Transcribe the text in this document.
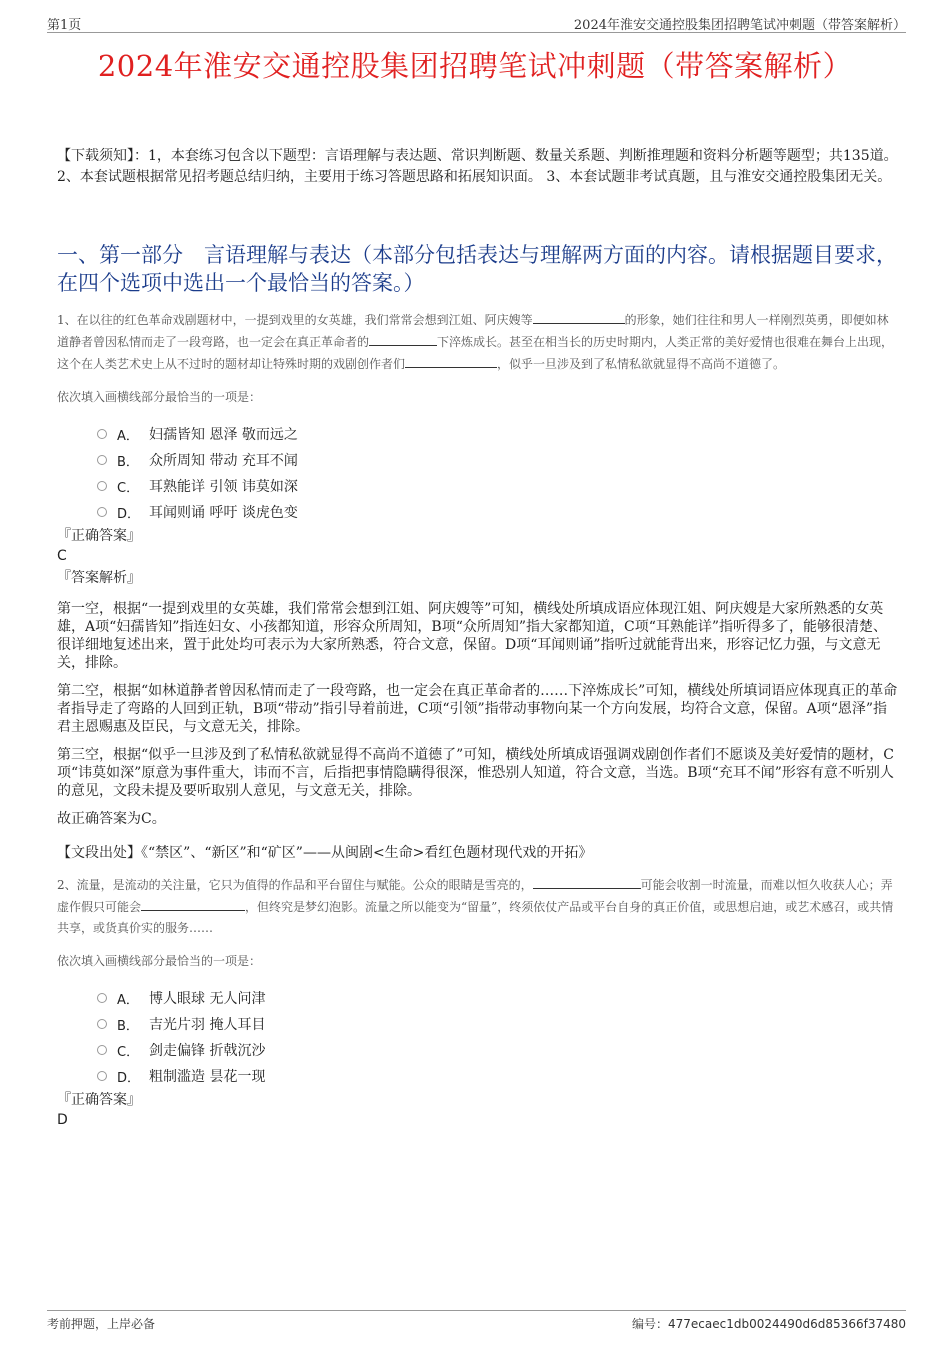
第1页	2024年淮安交通控股集团招聘笔试冲刺题（带答案解析）
2024年淮安交通控股集团招聘笔试冲刺题（带答案解析）

【下载须知】：1，本套练习包含以下题型：言语理解与表达题、常识判断题、数量关系题、判断推理题和资料分析题等题型；共135道。 2、本套试题根据常见招考题总结归纳，主要用于练习答题思路和拓展知识面。 3、本套试题非考试真题，且与淮安交通控股集团无关。

一、第一部分　言语理解与表达（本部分包括表达与理解两方面的内容。请根据题目要求，在四个选项中选出一个最恰当的答案。）

1、在以往的红色革命戏剧题材中，一提到戏里的女英雄，我们常常会想到江姐、阿庆嫂等	的形象，她们往往和男人一样刚烈英勇，即便如林道静者曾因私情而走了一段弯路，也一定会在真正革命者的	下淬炼成长。甚至在相当长的历史时期内，人类正常的美好爱情也很难在舞台上出现，这个在人类艺术史上从不过时的题材却让特殊时期的戏剧创作者们	，似乎一旦涉及到了私情私欲就显得不高尚不道德了。

依次填入画横线部分最恰当的一项是：

A． 妇孺皆知 恩泽 敬而远之
B． 众所周知 带动 充耳不闻
C． 耳熟能详 引领 讳莫如深
D． 耳闻则诵 呼吁 谈虎色变

『正确答案』

C

『答案解析』

第一空，根据“一提到戏里的女英雄，我们常常会想到江姐、阿庆嫂等”可知，横线处所填成语应体现江姐、阿庆嫂是大家所熟悉的女英雄，A项“妇孺皆知”指连妇女、小孩都知道，形容众所周知，B项“众所周知”指大家都知道，C项“耳熟能详”指听得多了，能够很清楚、很详细地复述出来，置于此处均可表示为大家所熟悉，符合文意，保留。D项“耳闻则诵”指听过就能背出来，形容记忆力强，与文意无关，排除。

第二空，根据“如林道静者曾因私情而走了一段弯路，也一定会在真正革命者的……下淬炼成长”可知，横线处所填词语应体现真正的革命者指导走了弯路的人回到正轨，B项“带动”指引导着前进，C项“引领”指带动事物向某一个方向发展，均符合文意，保留。A项“恩泽”指君主恩赐惠及臣民，与文意无关，排除。

第三空，根据“似乎一旦涉及到了私情私欲就显得不高尚不道德了”可知，横线处所填成语强调戏剧创作者们不愿谈及美好爱情的题材，C项“讳莫如深”原意为事件重大，讳而不言，后指把事情隐瞒得很深，惟恐别人知道，符合文意，当选。B项“充耳不闻”形容有意不听别人的意见，文段未提及要听取别人意见，与文意无关，排除。

故正确答案为C。

【文段出处】《“禁区”、“新区”和“矿区”——从闽剧<生命>看红色题材现代戏的开拓》

2、流量，是流动的关注量，它只为值得的作品和平台留住与赋能。公众的眼睛是雪亮的，	可能会收割一时流量，而难以恒久收获人心；弄虚作假只可能会	，但终究是梦幻泡影。流量之所以能变为“留量”，终须依仗产品或平台自身的真正价值，或思想启迪，或艺术感召，或共情共享，或货真价实的服务……

依次填入画横线部分最恰当的一项是：

A． 博人眼球 无人问津
B． 吉光片羽 掩人耳目
C． 剑走偏锋 折戟沉沙
D． 粗制滥造 昙花一现

『正确答案』

D

考前押题，上岸必备	编号：477ecaec1db0024490d6d85366f37480
